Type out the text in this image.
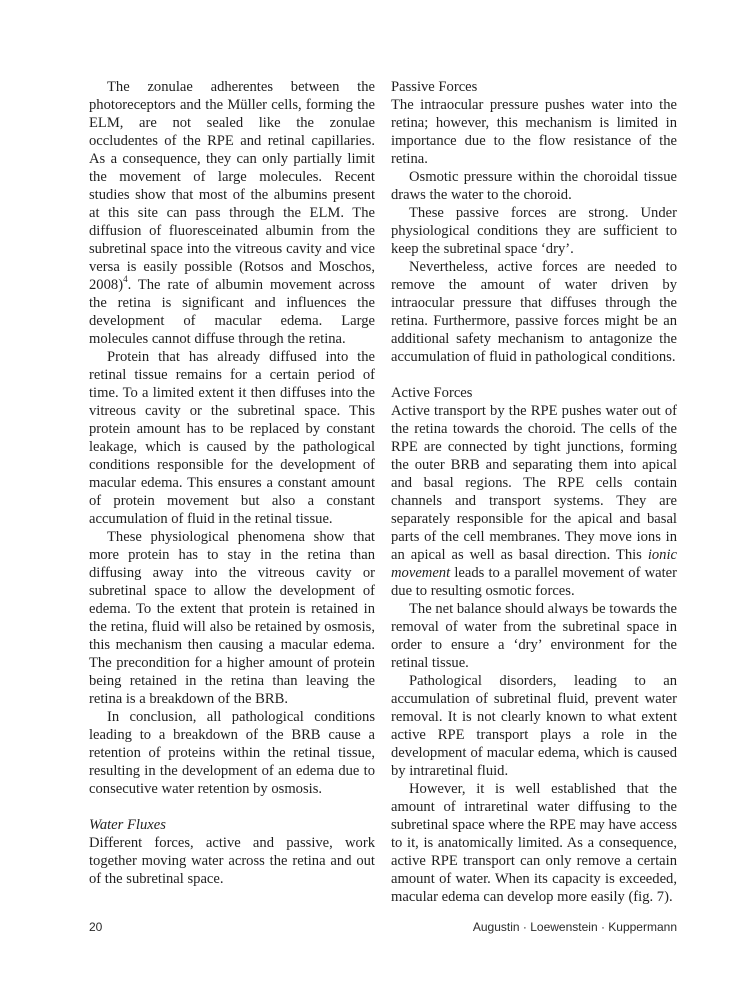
The zonulae adherentes between the photoreceptors and the Müller cells, forming the ELM, are not sealed like the zonulae occludentes of the RPE and retinal capillaries. As a consequence, they can only partially limit the movement of large molecules. Recent studies show that most of the albumins present at this site can pass through the ELM. The diffusion of fluoresceinated albumin from the subretinal space into the vitreous cavity and vice versa is easily possible (Rotsos and Moschos, 2008)$^4$. The rate of albumin movement across the retina is significant and influences the development of macular edema. Large molecules cannot diffuse through the retina.

Protein that has already diffused into the retinal tissue remains for a certain period of time. To a limited extent it then diffuses into the vitreous cavity or the subretinal space. This protein amount has to be replaced by constant leakage, which is caused by the pathological conditions responsible for the development of macular edema. This ensures a constant amount of protein movement but also a constant accumulation of fluid in the retinal tissue.

These physiological phenomena show that more protein has to stay in the retina than diffusing away into the vitreous cavity or subretinal space to allow the development of edema. To the extent that protein is retained in the retina, fluid will also be retained by osmosis, this mechanism then causing a macular edema. The precondition for a higher amount of protein being retained in the retina than leaving the retina is a breakdown of the BRB.

In conclusion, all pathological conditions leading to a breakdown of the BRB cause a retention of proteins within the retinal tissue, resulting in the development of an edema due to consecutive water retention by osmosis.

Water Fluxes

Different forces, active and passive, work together moving water across the retina and out of the subretinal space.

Passive Forces

The intraocular pressure pushes water into the retina; however, this mechanism is limited in importance due to the flow resistance of the retina.

Osmotic pressure within the choroidal tissue draws the water to the choroid.

These passive forces are strong. Under physiological conditions they are sufficient to keep the subretinal space ‘dry’.

Nevertheless, active forces are needed to remove the amount of water driven by intraocular pressure that diffuses through the retina. Furthermore, passive forces might be an additional safety mechanism to antagonize the accumulation of fluid in pathological conditions.

Active Forces

Active transport by the RPE pushes water out of the retina towards the choroid. The cells of the RPE are connected by tight junctions, forming the outer BRB and separating them into apical and basal regions. The RPE cells contain channels and transport systems. They are separately responsible for the apical and basal parts of the cell membranes. They move ions in an apical as well as basal direction. This ionic movement leads to a parallel movement of water due to resulting osmotic forces.

The net balance should always be towards the removal of water from the subretinal space in order to ensure a ‘dry’ environment for the retinal tissue.

Pathological disorders, leading to an accumulation of subretinal fluid, prevent water removal. It is not clearly known to what extent active RPE transport plays a role in the development of macular edema, which is caused by intraretinal fluid.

However, it is well established that the amount of intraretinal water diffusing to the subretinal space where the RPE may have access to it, is anatomically limited. As a consequence, active RPE transport can only remove a certain amount of water. When its capacity is exceeded, macular edema can develop more easily (fig. 7).

20	Augustin · Loewenstein · Kuppermann
